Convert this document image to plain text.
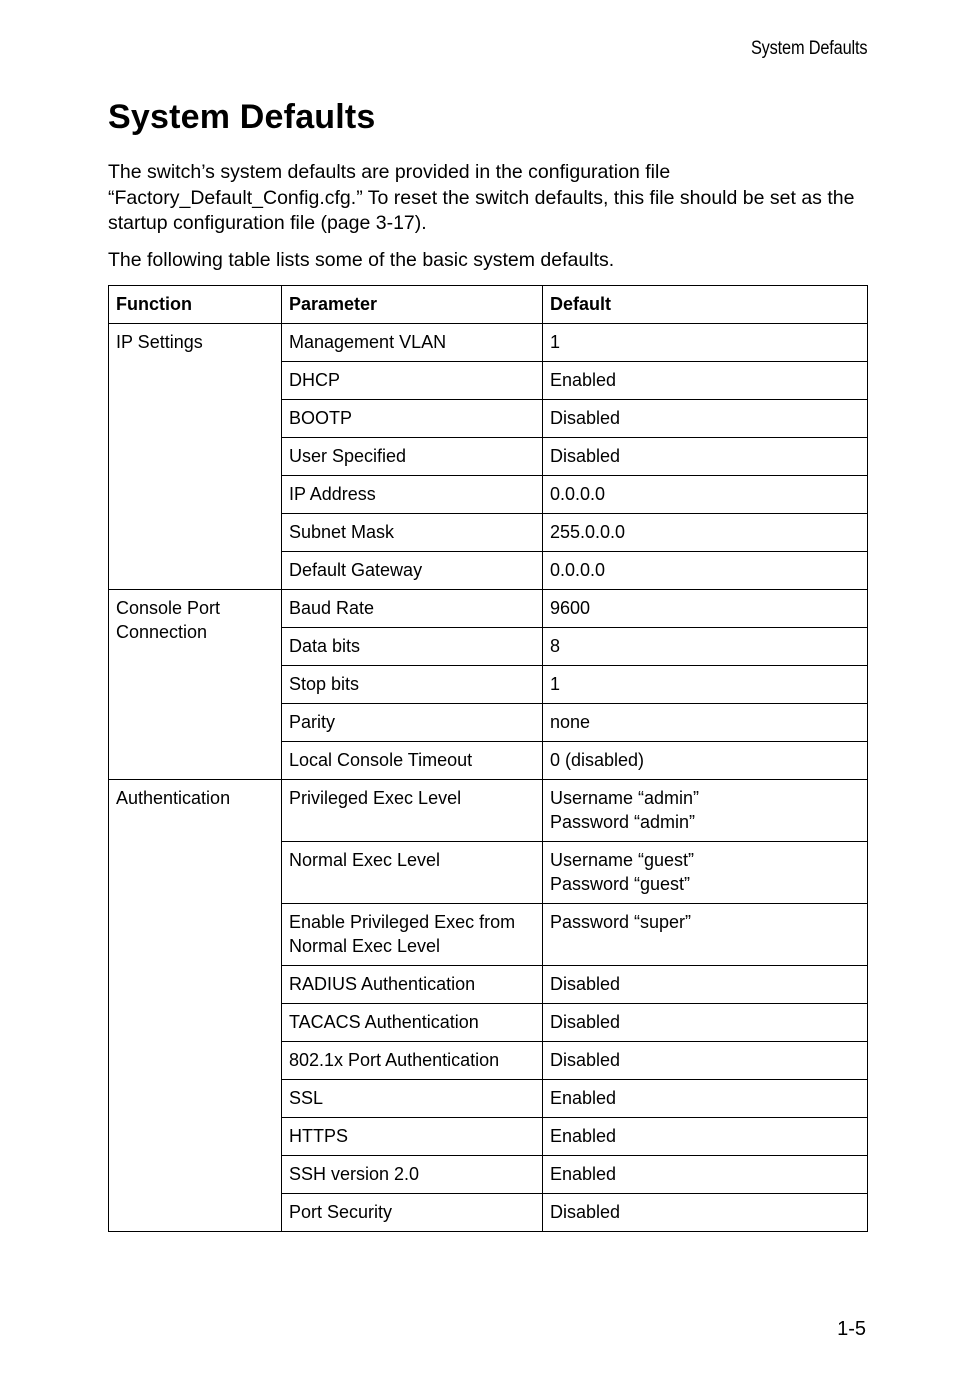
System Defaults
System Defaults

The switch’s system defaults are provided in the configuration file “Factory_Default_Config.cfg.” To reset the switch defaults, this file should be set as the startup configuration file (page 3-17).

The following table lists some of the basic system defaults.

Function	Parameter	Default
IP Settings	Management VLAN	1
	DHCP	Enabled
	BOOTP	Disabled
	User Specified	Disabled
	IP Address	0.0.0.0
	Subnet Mask	255.0.0.0
	Default Gateway	0.0.0.0

Console Port
Connection	Baud Rate	9600
	Data bits	8
	Stop bits	1
	Parity	none
	Local Console Timeout	0 (disabled)
Authentication	Privileged Exec Level	Username “admin”
Password “admin”

	Normal Exec Level	Username “guest”
Password “guest”

	Enable Privileged Exec from
Normal Exec Level	Password “super”
	RADIUS Authentication	Disabled
	TACACS Authentication	Disabled
	802.1x Port Authentication	Disabled
	SSL	Enabled
	HTTPS	Enabled
	SSH version 2.0	Enabled
	Port Security	Disabled
1-5
